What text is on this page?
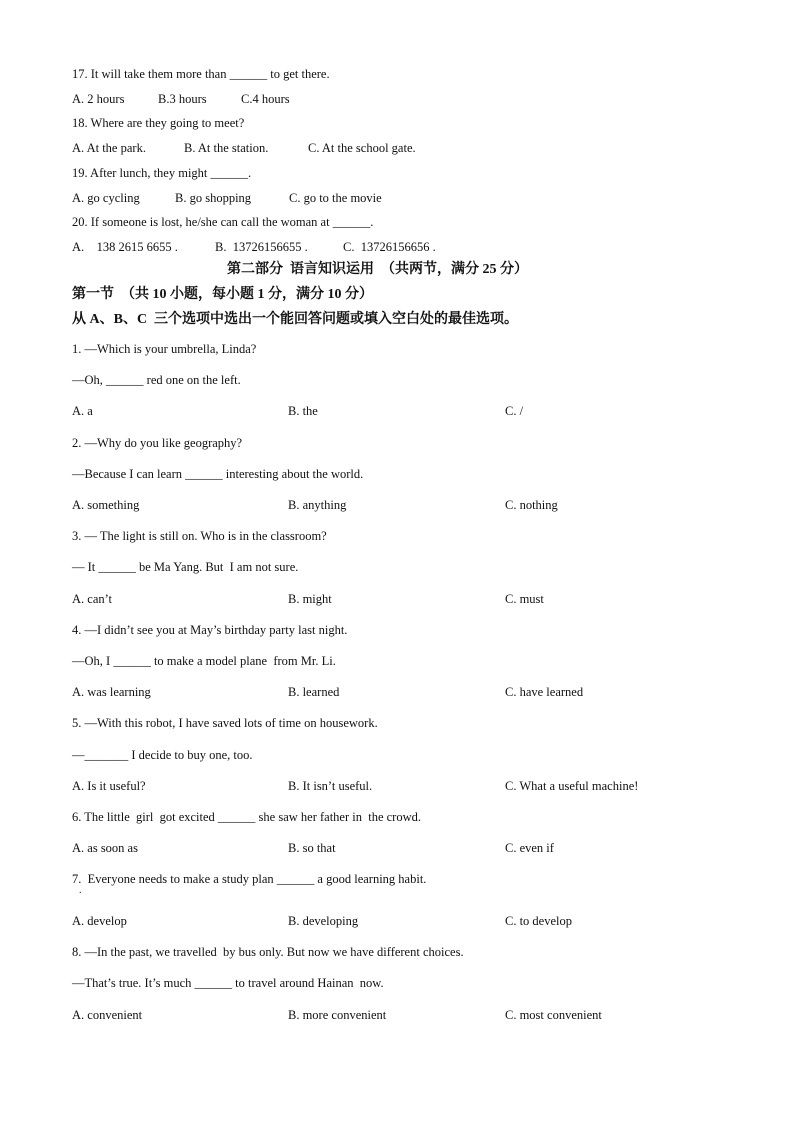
17. It will take them more than ______ to get there.
A. 2 hours	B.3 hours	C.4 hours
18. Where are they going to meet?
A. At the park.	B. At the station.	C. At the school gate.
19. After lunch, they might ______.
A. go cycling	B. go shopping	C. go to the movie
20. If someone is lost, he/she can call the woman at ______.
A.    138 2615 6655 .	B.  13726156655 .	C.  13726156656 .
第二部分  语言知识运用  （共两节，满分 25 分）
第一节  （共 10 小题，每小题 1 分，满分 10 分）
从 A、B、C  三个选项中选出一个能回答问题或填入空白处的最佳选项。
1. —Which is your umbrella, Linda?
—Oh, ______ red one on the left.
A. a	B. the	C. /
2. —Why do you like geography?
—Because I can learn ______ interesting about the world.
A. something	B. anything	C. nothing
3. — The light is still on. Who is in the classroom?
— It ______ be Ma Yang. But  I am not sure.
A. can’t	B. might	C. must
4. —I didn’t see you at May’s birthday party last night.
—Oh, I ______ to make a model plane  from Mr. Li.
A. was learning	B. learned	C. have learned
5. —With this robot, I have saved lots of time on housework.
—_______ I decide to buy one, too.
A. Is it useful?	B. It isn’t useful.	C. What a useful machine!
6. The little  girl  got excited ______ she saw her father in  the crowd.
A. as soon as	B. so that	C. even if
7.  Everyone needs to make a study plan ______ a good learning habit.
.
A. develop	B. developing	C. to develop
8. —In the past, we travelled  by bus only. But now we have different choices.
—That’s true. It’s much ______ to travel around Hainan  now.
A. convenient	B. more convenient	C. most convenient
